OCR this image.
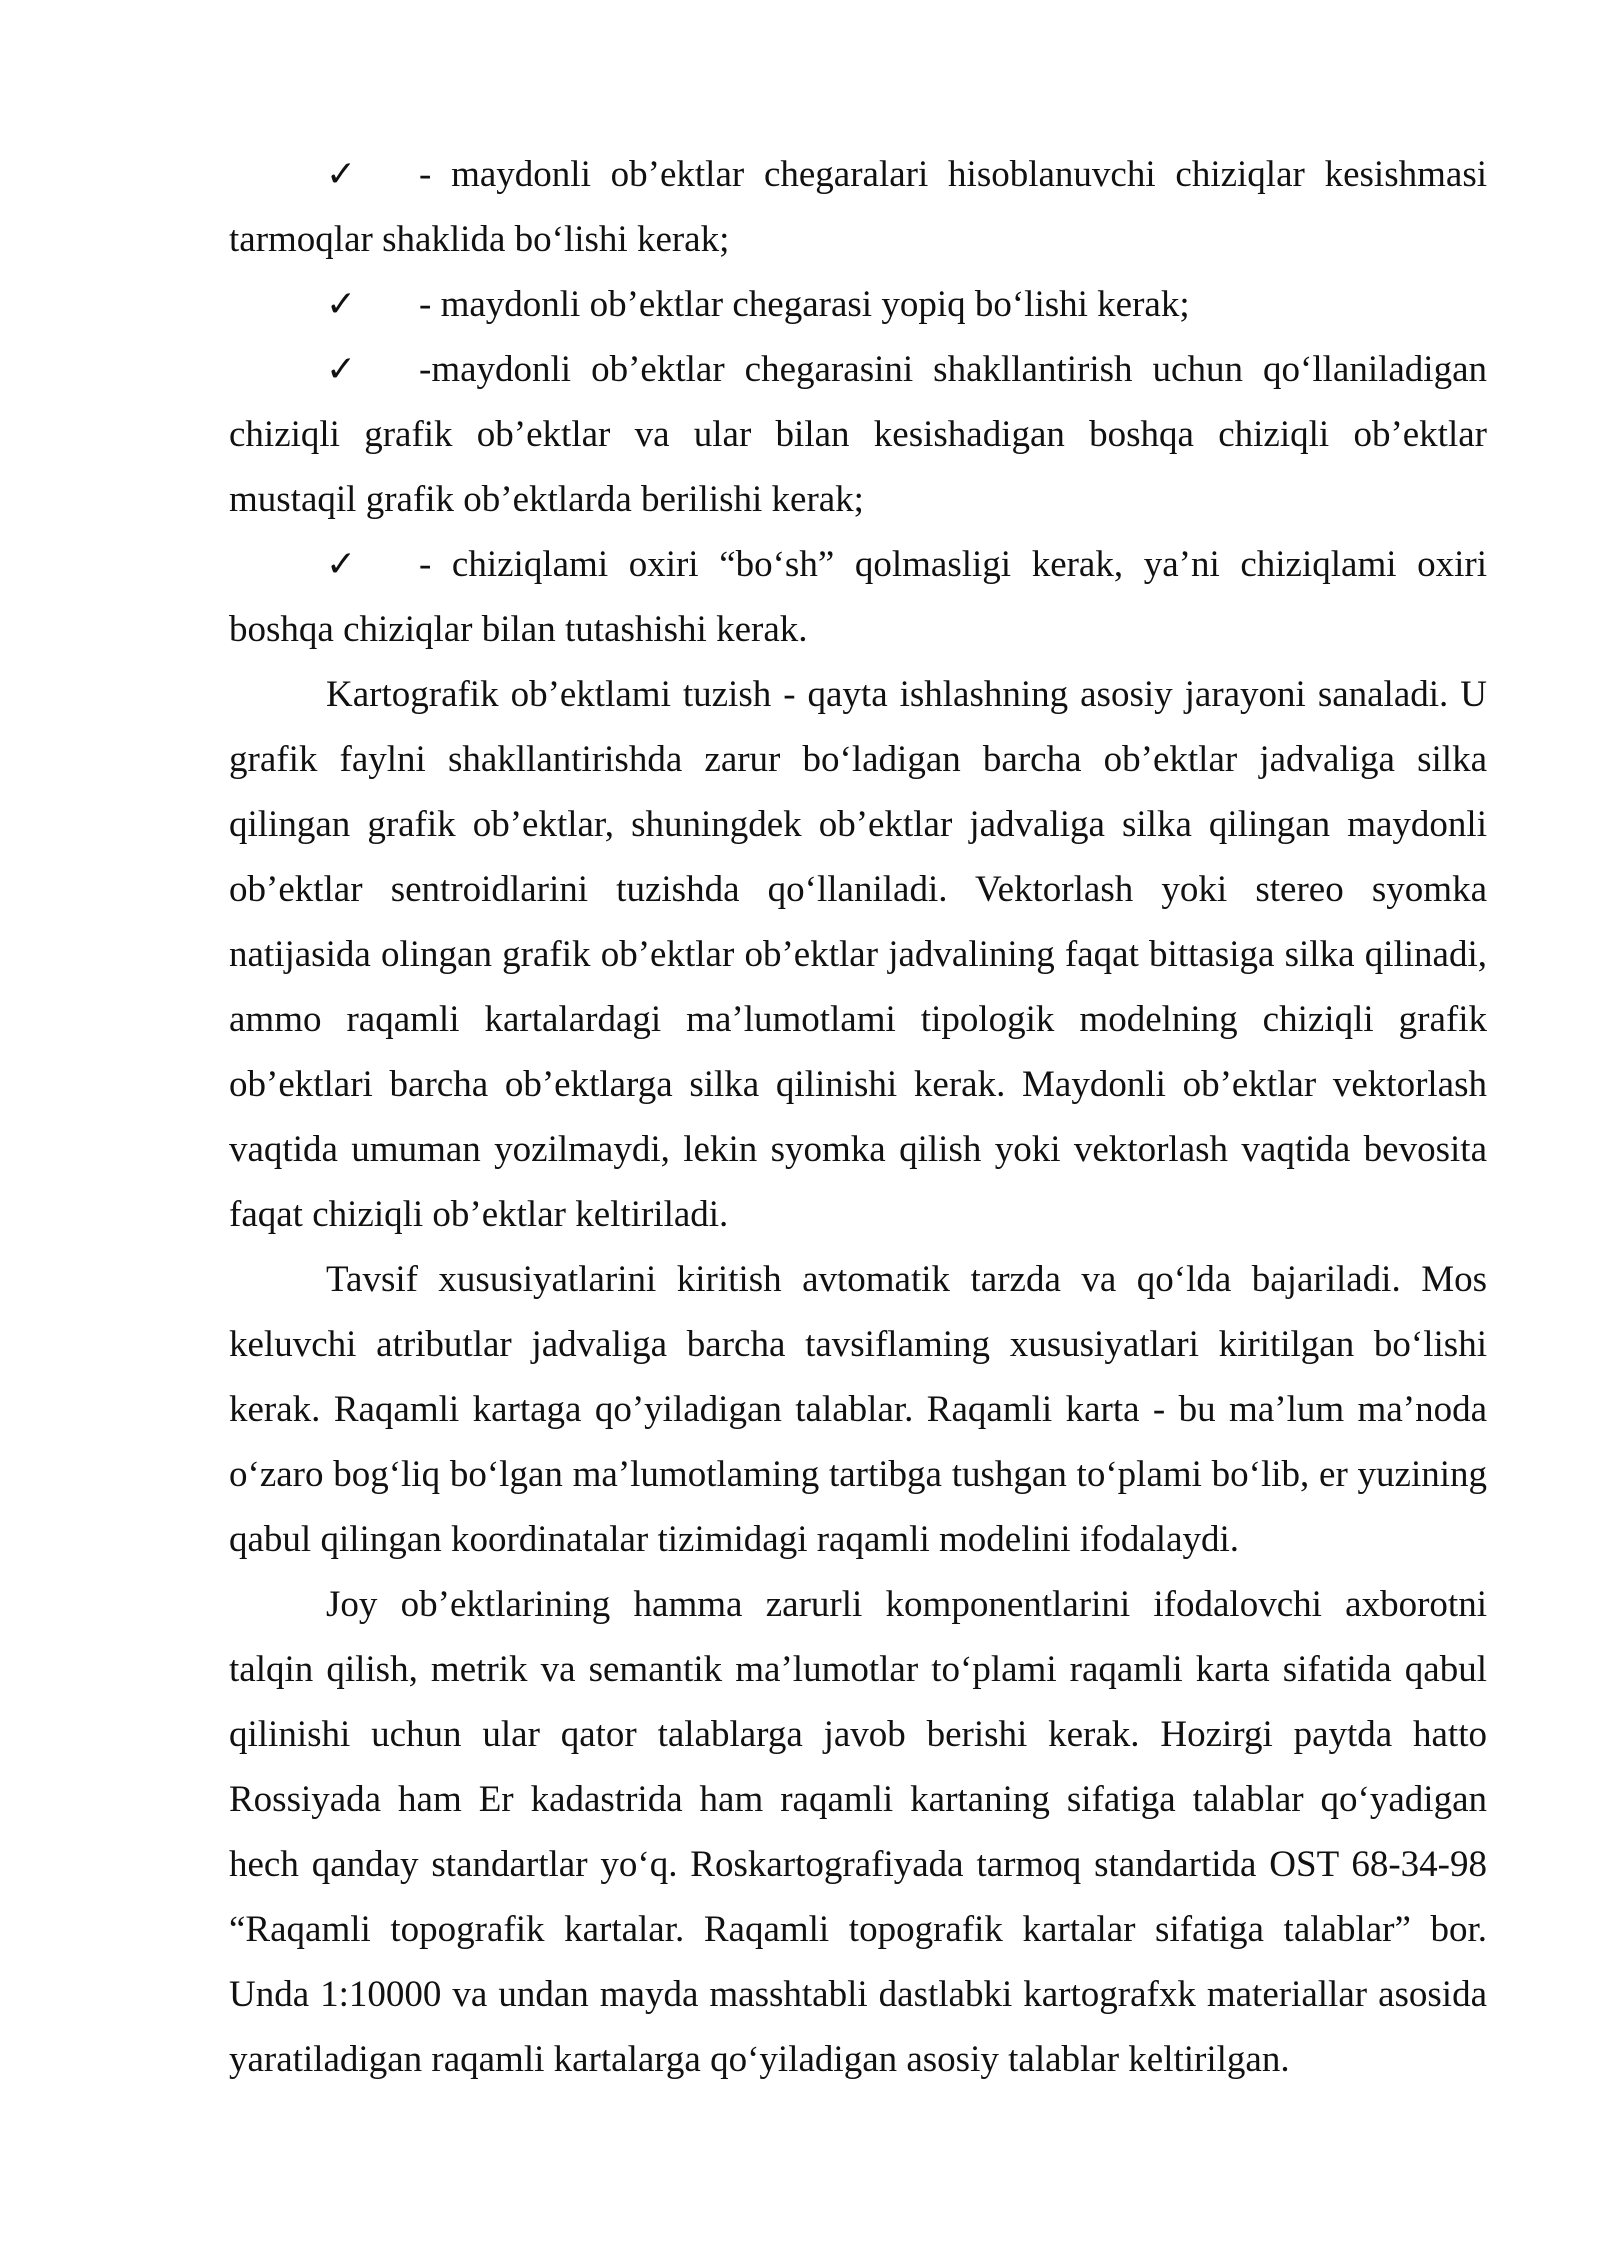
✓ - maydonli ob’ektlar chegaralari hisoblanuvchi chiziqlar kesishmasi tarmoqlar shaklida bo‘lishi kerak;

✓ - maydonli ob’ektlar chegarasi yopiq bo‘lishi kerak;

✓ -maydonli ob’ektlar chegarasini shakllantirish uchun qo‘llaniladigan chiziqli grafik ob’ektlar va ular bilan kesishadigan boshqa chiziqli ob’ektlar mustaqil grafik ob’ektlarda berilishi kerak;

✓ - chiziqlami oxiri “bo‘sh” qolmasligi kerak, ya’ni chiziqlami oxiri boshqa chiziqlar bilan tutashishi kerak.

Kartografik ob’ektlami tuzish - qayta ishlashning asosiy jarayoni sanaladi. U grafik faylni shakllantirishda zarur bo‘ladigan barcha ob’ektlar jadvaliga silka qilingan grafik ob’ektlar, shuningdek ob’ektlar jadvaliga silka qilingan maydonli ob’ektlar sentroidlarini tuzishda qo‘llaniladi. Vektorlash yoki stereo syomka natijasida olingan grafik ob’ektlar ob’ektlar jadvalining faqat bittasiga silka qilinadi, ammo raqamli kartalardagi ma’lumotlami tipologik modelning chiziqli grafik ob’ektlari barcha ob’ektlarga silka qilinishi kerak. Maydonli ob’ektlar vektorlash vaqtida umuman yozilmaydi, lekin syomka qilish yoki vektorlash vaqtida bevosita faqat chiziqli ob’ektlar keltiriladi.

Tavsif xususiyatlarini kiritish avtomatik tarzda va qo‘lda bajariladi. Mos keluvchi atributlar jadvaliga barcha tavsiflaming xususiyatlari kiritilgan bo‘lishi kerak. Raqamli kartaga qo’yiladigan talablar. Raqamli karta - bu ma’lum ma’noda o‘zaro bog‘liq bo‘lgan ma’lumotlaming tartibga tushgan to‘plami bo‘lib, er yuzining qabul qilingan koordinatalar tizimidagi raqamli modelini ifodalaydi.

Joy ob’ektlarining hamma zarurli komponentlarini ifodalovchi axborotni talqin qilish, metrik va semantik ma’lumotlar to‘plami raqamli karta sifatida qabul qilinishi uchun ular qator talablarga javob berishi kerak. Hozirgi paytda hatto Rossiyada ham Er kadastrida ham raqamli kartaning sifatiga talablar qo‘yadigan hech qanday standartlar yo‘q. Roskartografiyada tarmoq standartida OST 68-34-98 “Raqamli topografik kartalar. Raqamli topografik kartalar sifatiga talablar” bor. Unda 1:10000 va undan mayda masshtabli dastlabki kartografxk materiallar asosida yaratiladigan raqamli kartalarga qo‘yiladigan asosiy talablar keltirilgan.
